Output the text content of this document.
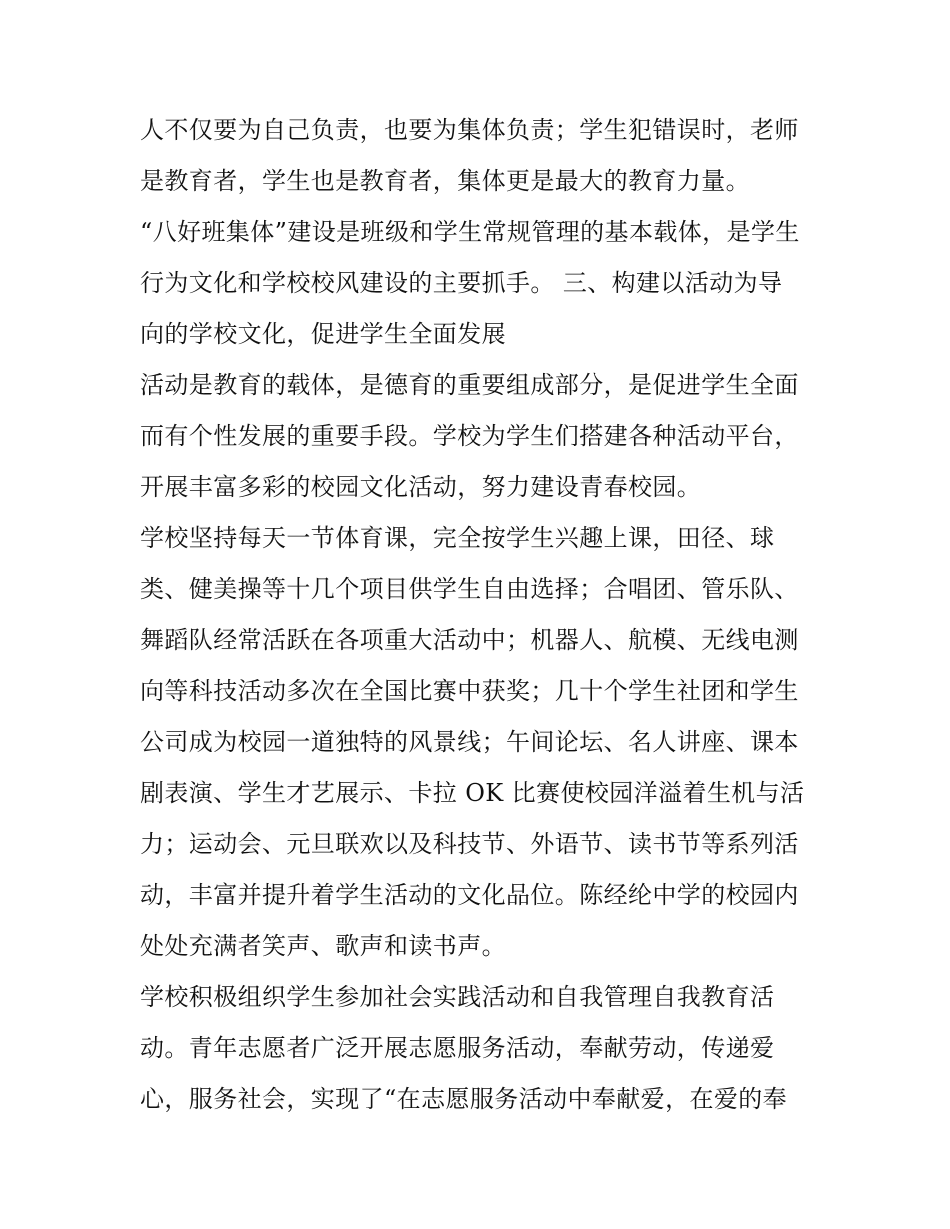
人不仅要为自己负责，也要为集体负责；学生犯错误时，老师
是教育者，学生也是教育者，集体更是最大的教育力量。
“八好班集体”建设是班级和学生常规管理的基本载体，是学生
行为文化和学校校风建设的主要抓手。 三、构建以活动为导
向的学校文化，促进学生全面发展
活动是教育的载体，是德育的重要组成部分，是促进学生全面
而有个性发展的重要手段。学校为学生们搭建各种活动平台，
开展丰富多彩的校园文化活动，努力建设青春校园。
学校坚持每天一节体育课，完全按学生兴趣上课，田径、球
类、健美操等十几个项目供学生自由选择；合唱团、管乐队、
舞蹈队经常活跃在各项重大活动中；机器人、航模、无线电测
向等科技活动多次在全国比赛中获奖；几十个学生社团和学生
公司成为校园一道独特的风景线；午间论坛、名人讲座、课本
剧表演、学生才艺展示、卡拉 OK 比赛使校园洋溢着生机与活
力；运动会、元旦联欢以及科技节、外语节、读书节等系列活
动，丰富并提升着学生活动的文化品位。陈经纶中学的校园内
处处充满者笑声、歌声和读书声。
学校积极组织学生参加社会实践活动和自我管理自我教育活
动。青年志愿者广泛开展志愿服务活动，奉献劳动，传递爱
心，服务社会，实现了“在志愿服务活动中奉献爱，在爱的奉
